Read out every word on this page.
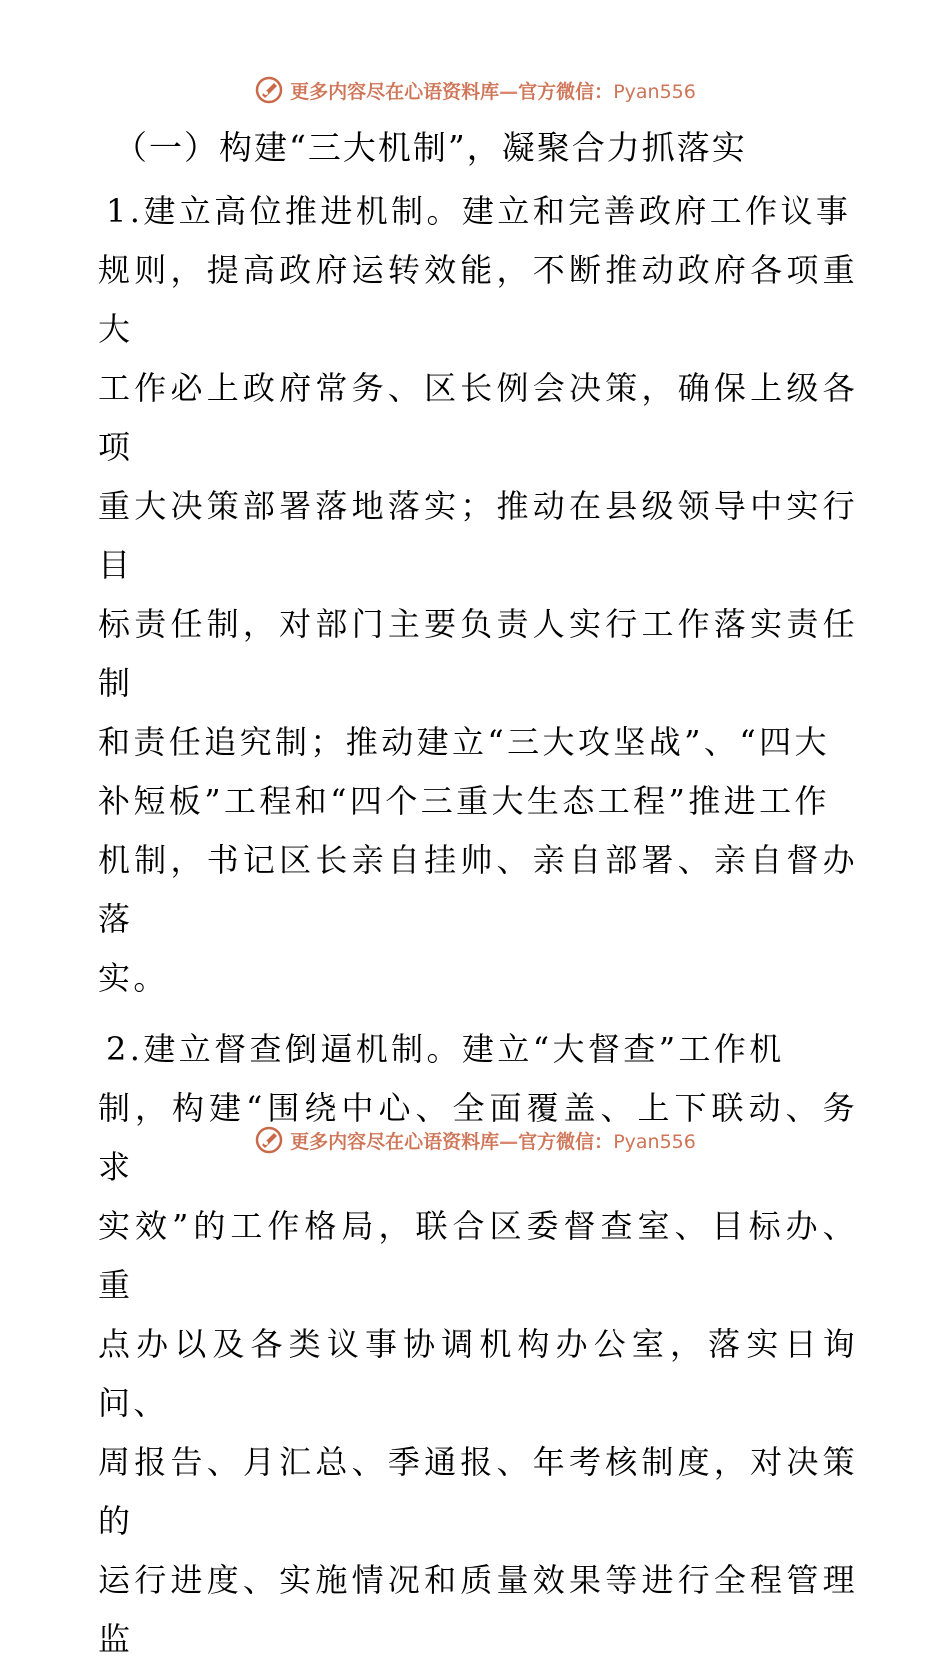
更多内容尽在心语资料库—官方微信：Pyan556
（一）构建“三大机制”，凝聚合力抓落实
1.建立高位推进机制。建立和完善政府工作议事
规则，提高政府运转效能，不断推动政府各项重大
工作必上政府常务、区长例会决策，确保上级各项
重大决策部署落地落实；推动在县级领导中实行目
标责任制，对部门主要负责人实行工作落实责任制
和责任追究制；推动建立“三大攻坚战”、“四大
补短板”工程和“四个三重大生态工程”推进工作
机制，书记区长亲自挂帅、亲自部署、亲自督办落
实。
2.建立督查倒逼机制。建立“大督查”工作机
制，构建“围绕中心、全面覆盖、上下联动、务求
实效”的工作格局，联合区委督查室、目标办、重
点办以及各类议事协调机构办公室，落实日询问、
周报告、月汇总、季通报、年考核制度，对决策的
运行进度、实施情况和质量效果等进行全程管理监
更多内容尽在心语资料库—官方微信：Pyan556
